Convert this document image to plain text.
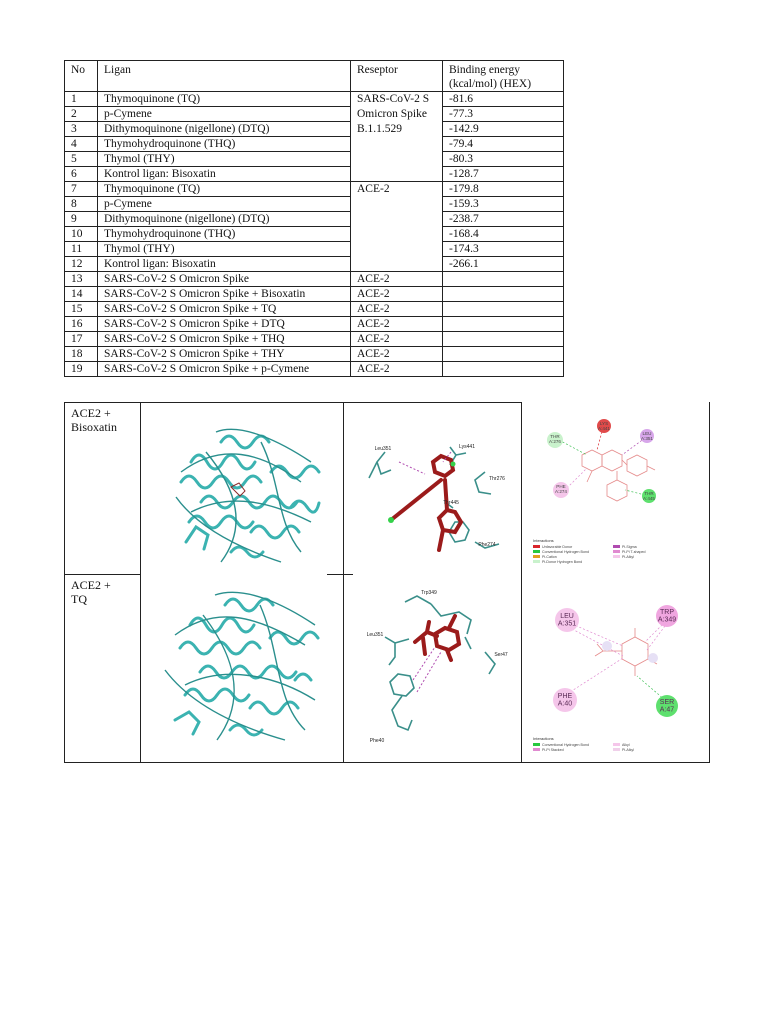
No	Ligan	Reseptor	Binding energy
(kcal/mol) (HEX)
1	Thymoquinone (TQ)	SARS-CoV-2 S
Omicron Spike
B.1.1.529	-81.6
2	p-Cymene		-77.3
3	Dithymoquinone (nigellone) (DTQ)		-142.9
4	Thymohydroquinone (THQ)		-79.4
5	Thymol (THY)		-80.3
6	Kontrol ligan: Bisoxatin		-128.7
7	Thymoquinone (TQ)	ACE-2	-179.8
8	p-Cymene		-159.3
9	Dithymoquinone (nigellone) (DTQ)		-238.7
10	Thymohydroquinone (THQ)		-168.4
11	Thymol (THY)		-174.3
12	Kontrol ligan: Bisoxatin		-266.1
13	SARS-CoV-2 S Omicron Spike	ACE-2	
14	SARS-CoV-2 S Omicron Spike + Bisoxatin	ACE-2	
15	SARS-CoV-2 S Omicron Spike + TQ	ACE-2	
16	SARS-CoV-2 S Omicron Spike + DTQ	ACE-2	
17	SARS-CoV-2 S Omicron Spike + THQ	ACE-2	
18	SARS-CoV-2 S Omicron Spike + THY	ACE-2	
19	SARS-CoV-2 S Omicron Spike + p-Cymene	ACE-2	
ACE2 +
Bisoxatin
ACE2 +
TQ
Lys441
Leu351
Thr276
Thr445
Phe274
THR A:276
LYS A:441
LEU A:351
PHE A:274	THR A:445
Interactions
Unfavorable Donor
Conventional Hydrogen Bond
Pi-Cation
Pi-Donor Hydrogen Bond
Pi-Sigma
Pi-Pi T-shaped
Pi-Alkyl
Trp349
Leu351
Ser47
Phe40
LEU A:351
TRP A:349
PHE A:40	SER A:47
Interactions
Conventional Hydrogen Bond
Pi-Pi Stacked
Alkyl
Pi-Alkyl
